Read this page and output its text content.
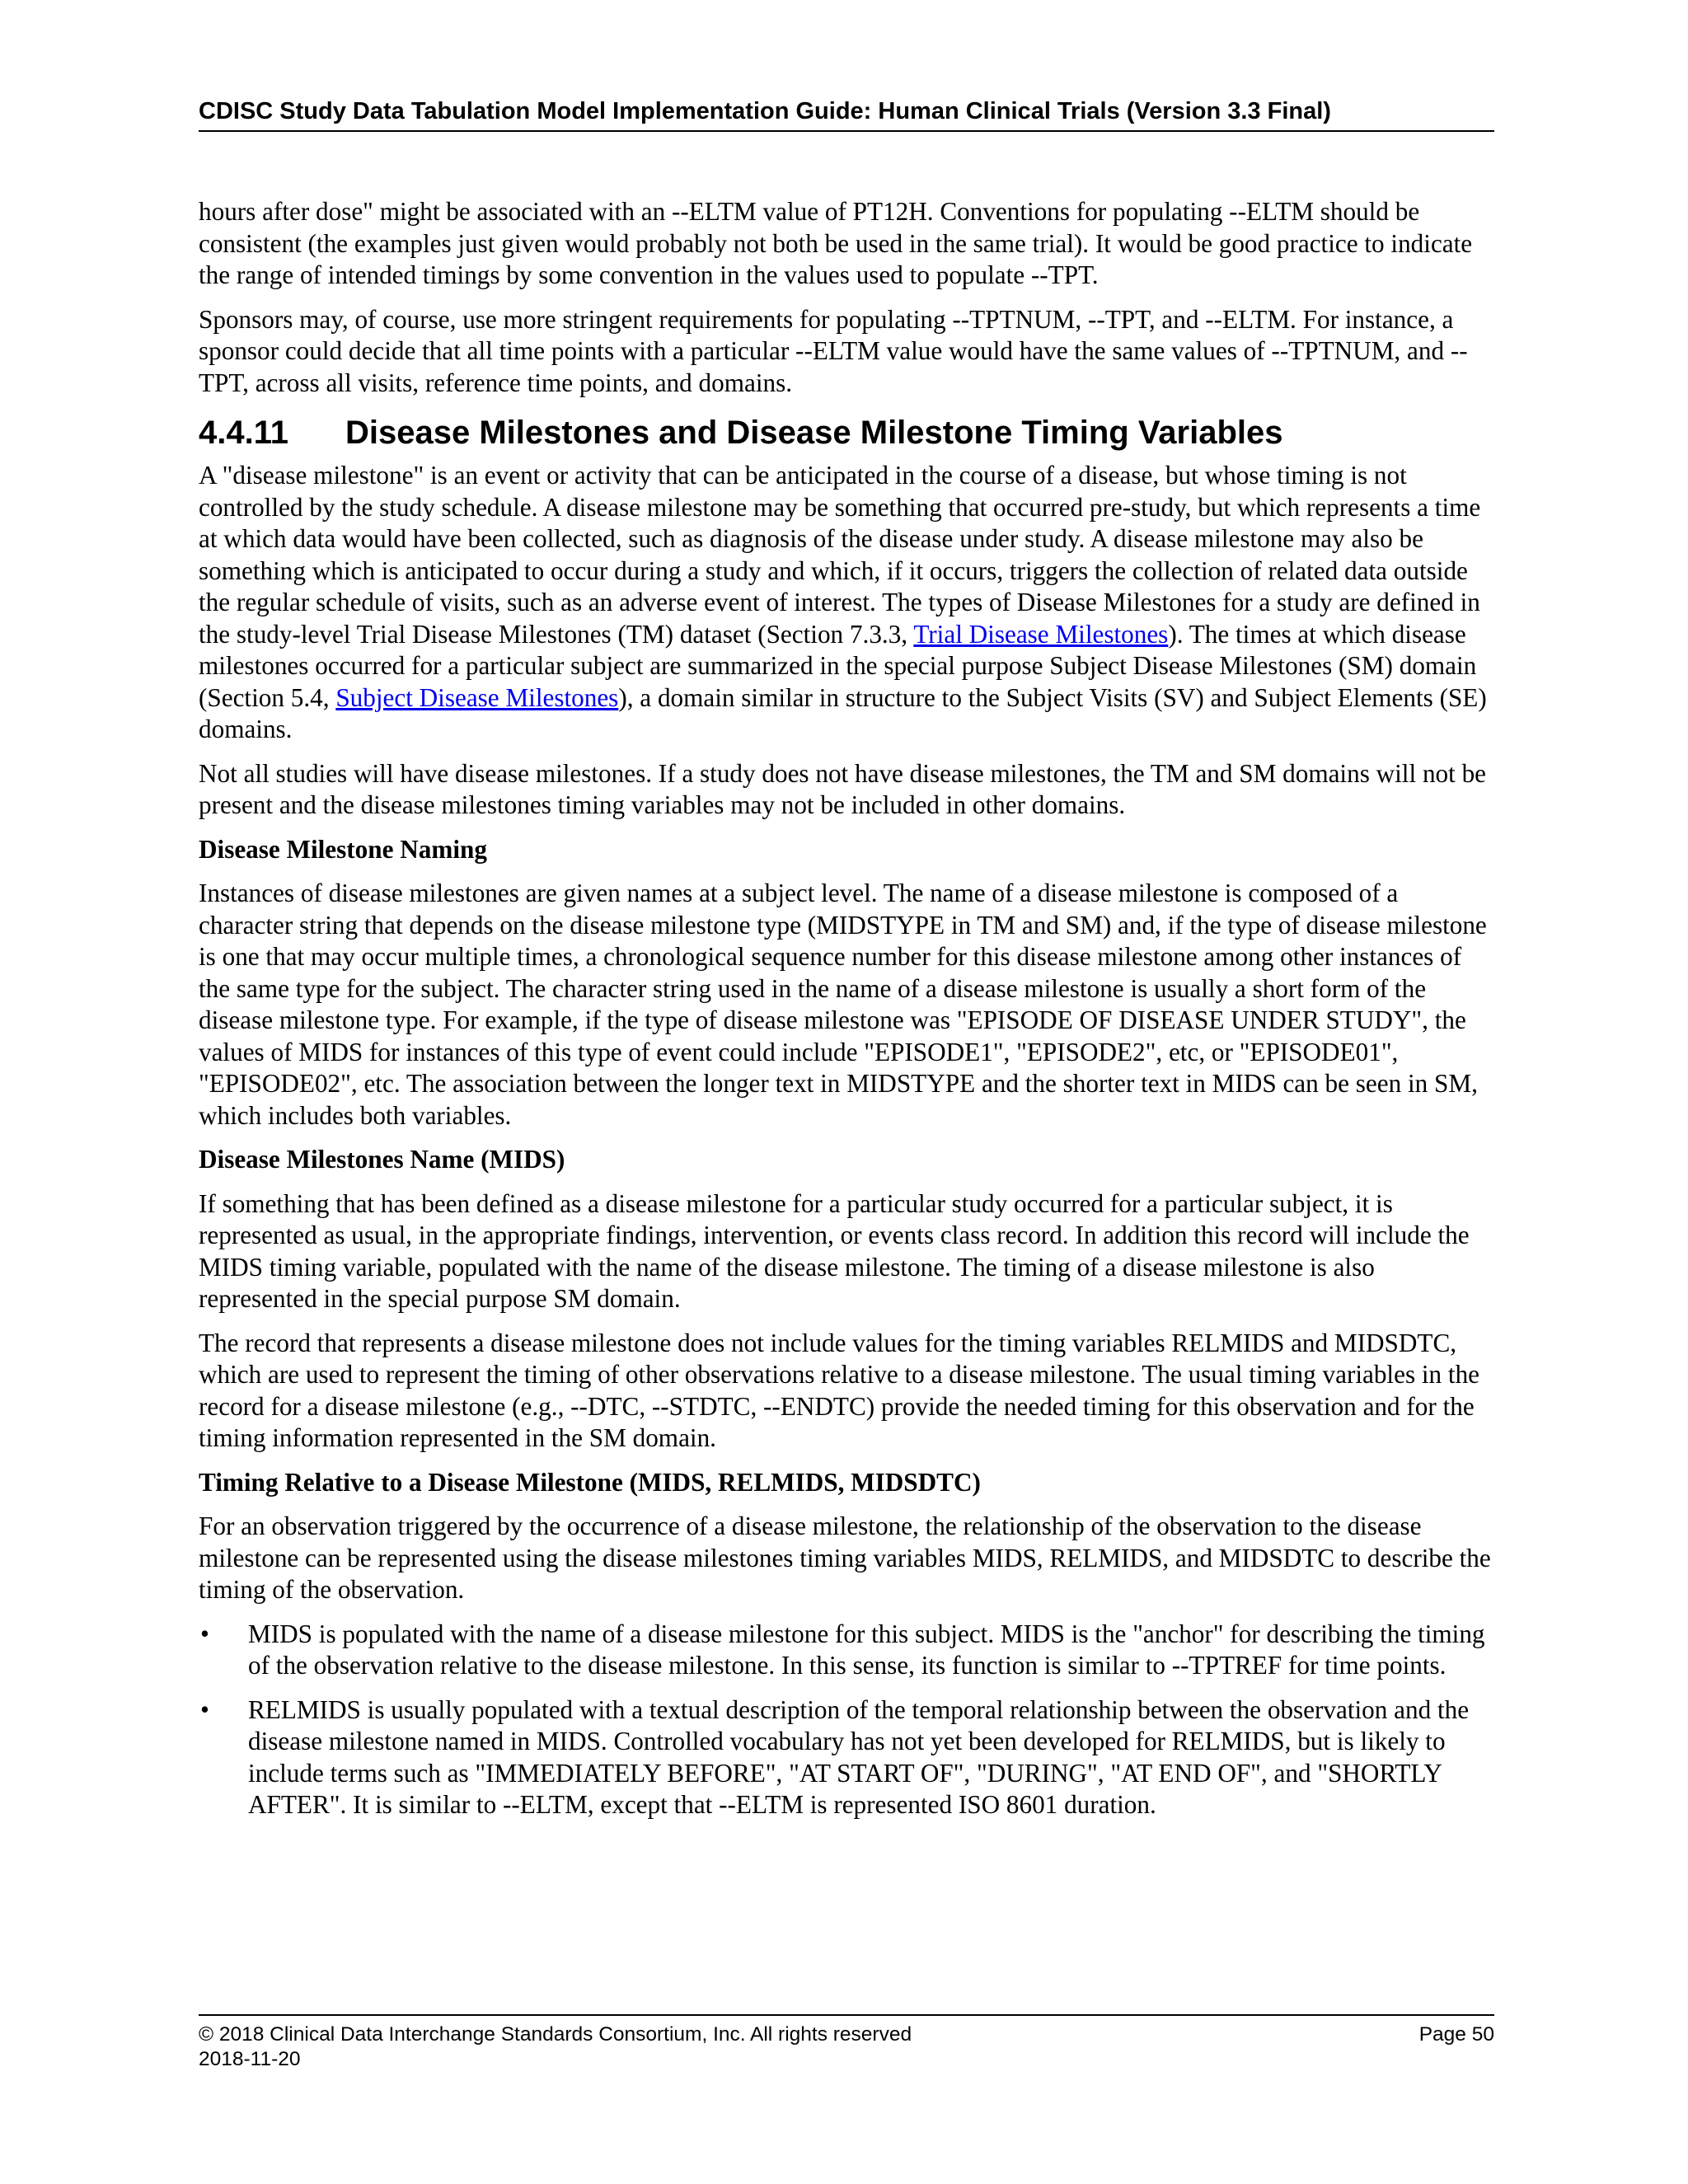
CDISC Study Data Tabulation Model Implementation Guide: Human Clinical Trials (Version 3.3 Final)

hours after dose" might be associated with an --ELTM value of PT12H. Conventions for populating --ELTM should be consistent (the examples just given would probably not both be used in the same trial). It would be good practice to indicate the range of intended timings by some convention in the values used to populate --TPT.

Sponsors may, of course, use more stringent requirements for populating --TPTNUM, --TPT, and --ELTM. For instance, a sponsor could decide that all time points with a particular --ELTM value would have the same values of --TPTNUM, and --TPT, across all visits, reference time points, and domains.

4.4.11 Disease Milestones and Disease Milestone Timing Variables

A "disease milestone" is an event or activity that can be anticipated in the course of a disease, but whose timing is not controlled by the study schedule. A disease milestone may be something that occurred pre-study, but which represents a time at which data would have been collected, such as diagnosis of the disease under study. A disease milestone may also be something which is anticipated to occur during a study and which, if it occurs, triggers the collection of related data outside the regular schedule of visits, such as an adverse event of interest. The types of Disease Milestones for a study are defined in the study-level Trial Disease Milestones (TM) dataset (Section 7.3.3, Trial Disease Milestones). The times at which disease milestones occurred for a particular subject are summarized in the special purpose Subject Disease Milestones (SM) domain (Section 5.4, Subject Disease Milestones), a domain similar in structure to the Subject Visits (SV) and Subject Elements (SE) domains.

Not all studies will have disease milestones. If a study does not have disease milestones, the TM and SM domains will not be present and the disease milestones timing variables may not be included in other domains.

Disease Milestone Naming

Instances of disease milestones are given names at a subject level. The name of a disease milestone is composed of a character string that depends on the disease milestone type (MIDSTYPE in TM and SM) and, if the type of disease milestone is one that may occur multiple times, a chronological sequence number for this disease milestone among other instances of the same type for the subject. The character string used in the name of a disease milestone is usually a short form of the disease milestone type. For example, if the type of disease milestone was "EPISODE OF DISEASE UNDER STUDY", the values of MIDS for instances of this type of event could include "EPISODE1", "EPISODE2", etc, or "EPISODE01", "EPISODE02", etc. The association between the longer text in MIDSTYPE and the shorter text in MIDS can be seen in SM, which includes both variables.

Disease Milestones Name (MIDS)

If something that has been defined as a disease milestone for a particular study occurred for a particular subject, it is represented as usual, in the appropriate findings, intervention, or events class record. In addition this record will include the MIDS timing variable, populated with the name of the disease milestone. The timing of a disease milestone is also represented in the special purpose SM domain.

The record that represents a disease milestone does not include values for the timing variables RELMIDS and MIDSDTC, which are used to represent the timing of other observations relative to a disease milestone. The usual timing variables in the record for a disease milestone (e.g., --DTC, --STDTC, --ENDTC) provide the needed timing for this observation and for the timing information represented in the SM domain.

Timing Relative to a Disease Milestone (MIDS, RELMIDS, MIDSDTC)

For an observation triggered by the occurrence of a disease milestone, the relationship of the observation to the disease milestone can be represented using the disease milestones timing variables MIDS, RELMIDS, and MIDSDTC to describe the timing of the observation.

• MIDS is populated with the name of a disease milestone for this subject. MIDS is the "anchor" for describing the timing of the observation relative to the disease milestone. In this sense, its function is similar to --TPTREF for time points.
• RELMIDS is usually populated with a textual description of the temporal relationship between the observation and the disease milestone named in MIDS. Controlled vocabulary has not yet been developed for RELMIDS, but is likely to include terms such as "IMMEDIATELY BEFORE", "AT START OF", "DURING", "AT END OF", and "SHORTLY AFTER". It is similar to --ELTM, except that --ELTM is represented ISO 8601 duration.
© 2018 Clinical Data Interchange Standards Consortium, Inc. All rights reserved	Page 50
2018-11-20
